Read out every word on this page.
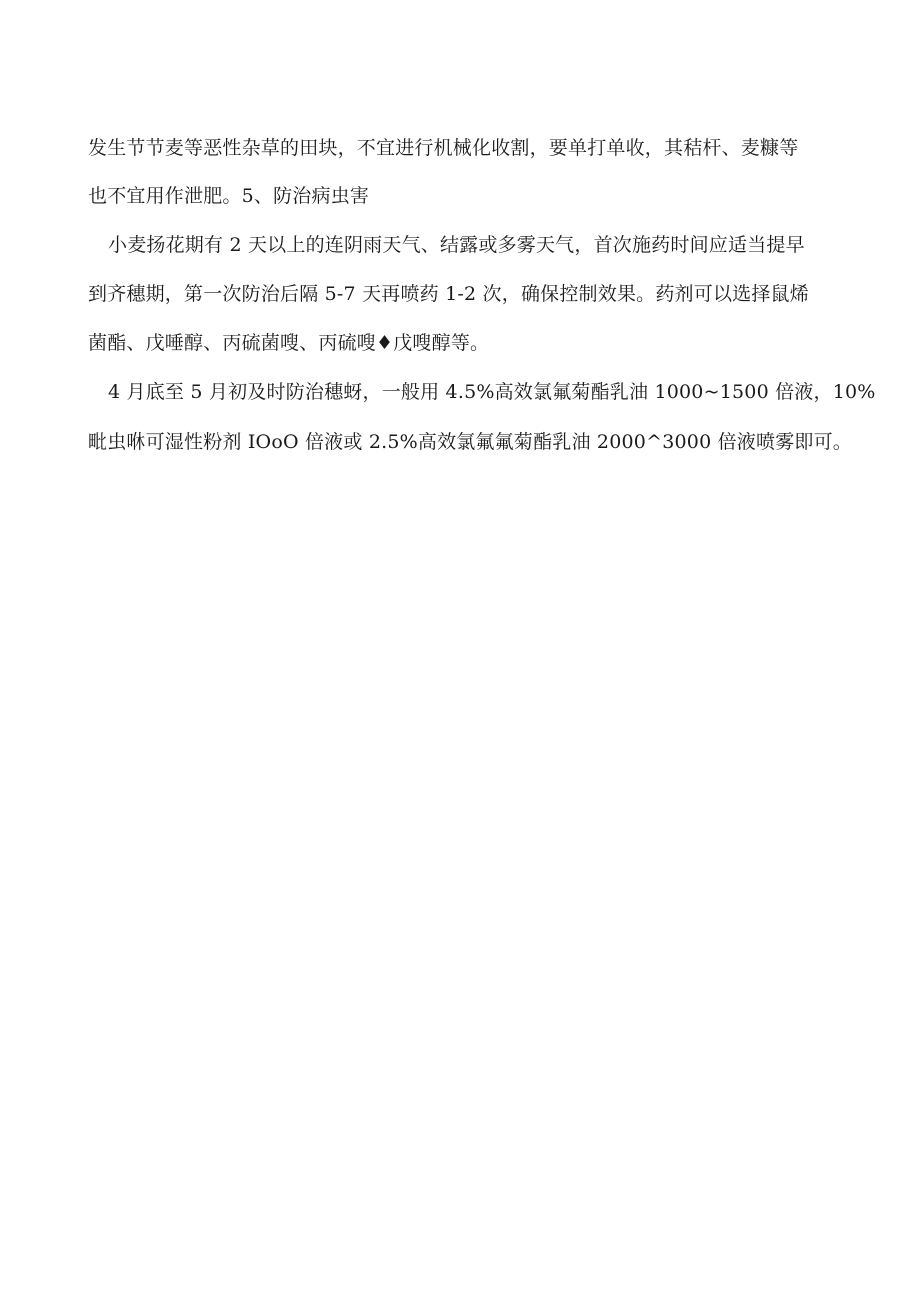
发生节节麦等恶性杂草的田块，不宜进行机械化收割，要单打单收，其秸杆、麦糠等
也不宜用作泄肥。5、防治病虫害
小麦扬花期有 2 天以上的连阴雨天气、结露或多雾天气，首次施药时间应适当提早
到齐穗期，第一次防治后隔 5-7 天再喷药 1-2 次，确保控制效果。药剂可以选择鼠烯
菌酯、戊唾醇、丙硫菌嗖、丙硫嗖♦戊嗖醇等。
4 月底至 5 月初及时防治穗蚜，一般用 4.5%高效氯氟菊酯乳油 1000~1500 倍液，10%
毗虫咻可湿性粉剂 IOoO 倍液或 2.5%高效氯氟氟菊酯乳油 2000^3000 倍液喷雾即可。
